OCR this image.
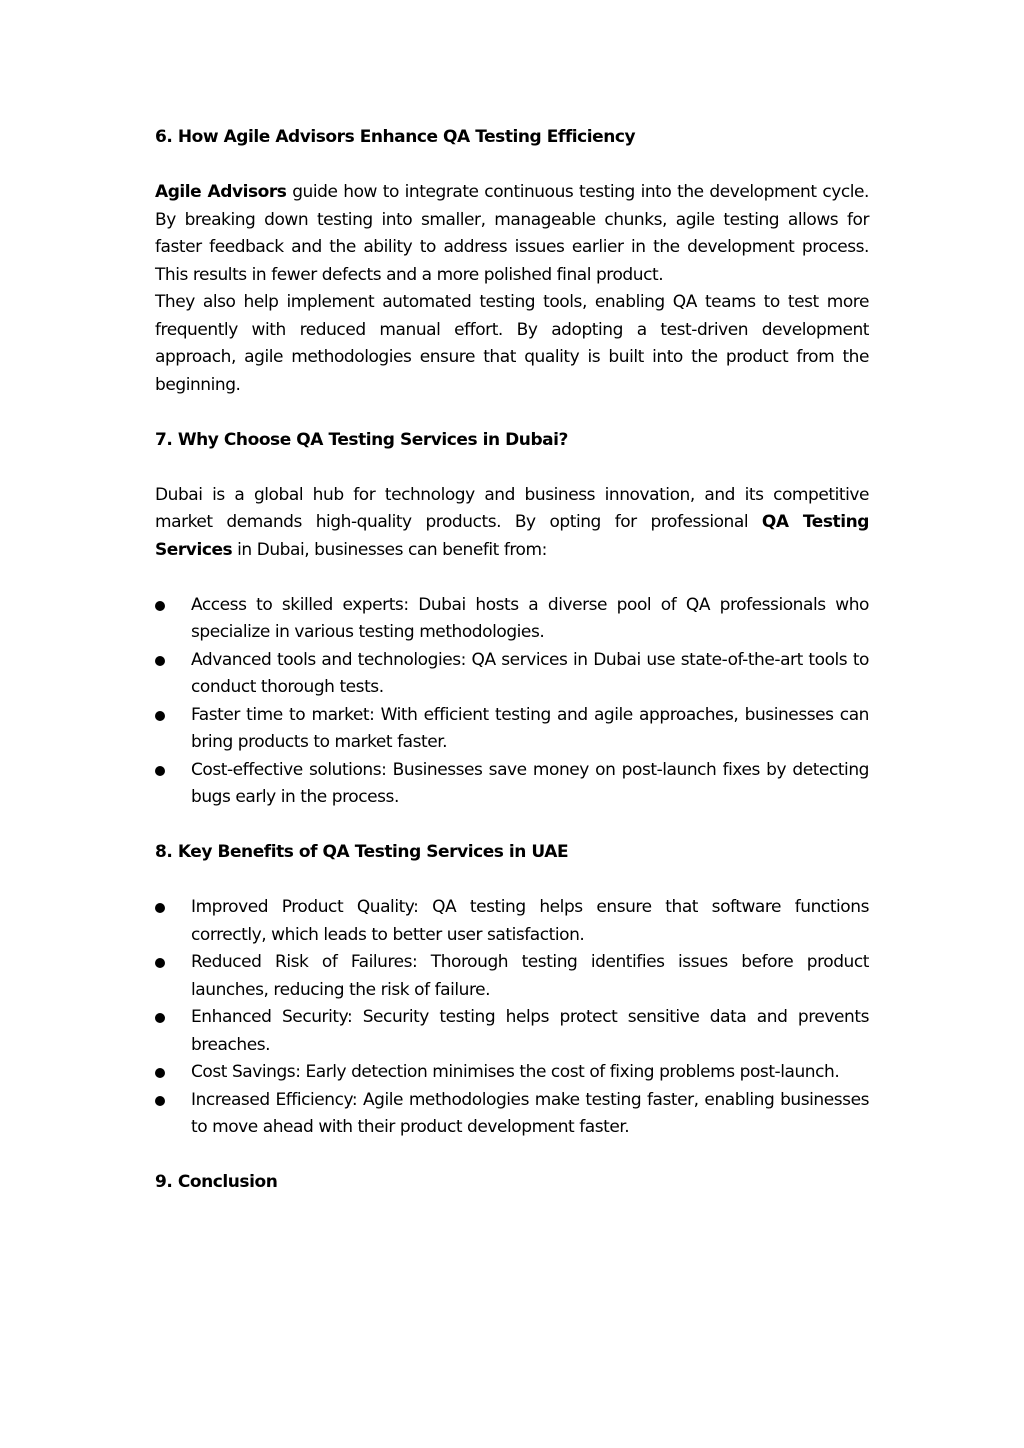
6. How Agile Advisors Enhance QA Testing Efficiency

Agile Advisors guide how to integrate continuous testing into the development cycle. By breaking down testing into smaller, manageable chunks, agile testing allows for faster feedback and the ability to address issues earlier in the development process. This results in fewer defects and a more polished final product.

They also help implement automated testing tools, enabling QA teams to test more frequently with reduced manual effort. By adopting a test-driven development approach, agile methodologies ensure that quality is built into the product from the beginning.

7. Why Choose QA Testing Services in Dubai?

Dubai is a global hub for technology and business innovation, and its competitive market demands high-quality products. By opting for professional QA Testing Services in Dubai, businesses can benefit from:

Access to skilled experts: Dubai hosts a diverse pool of QA professionals who specialize in various testing methodologies.
Advanced tools and technologies: QA services in Dubai use state-of-the-art tools to conduct thorough tests.
Faster time to market: With efficient testing and agile approaches, businesses can bring products to market faster.
Cost-effective solutions: Businesses save money on post-launch fixes by detecting bugs early in the process.
8. Key Benefits of QA Testing Services in UAE
Improved Product Quality: QA testing helps ensure that software functions correctly, which leads to better user satisfaction.
Reduced Risk of Failures: Thorough testing identifies issues before product launches, reducing the risk of failure.
Enhanced Security: Security testing helps protect sensitive data and prevents breaches.
Cost Savings: Early detection minimises the cost of fixing problems post-launch.
Increased Efficiency: Agile methodologies make testing faster, enabling businesses to move ahead with their product development faster.
9. Conclusion
